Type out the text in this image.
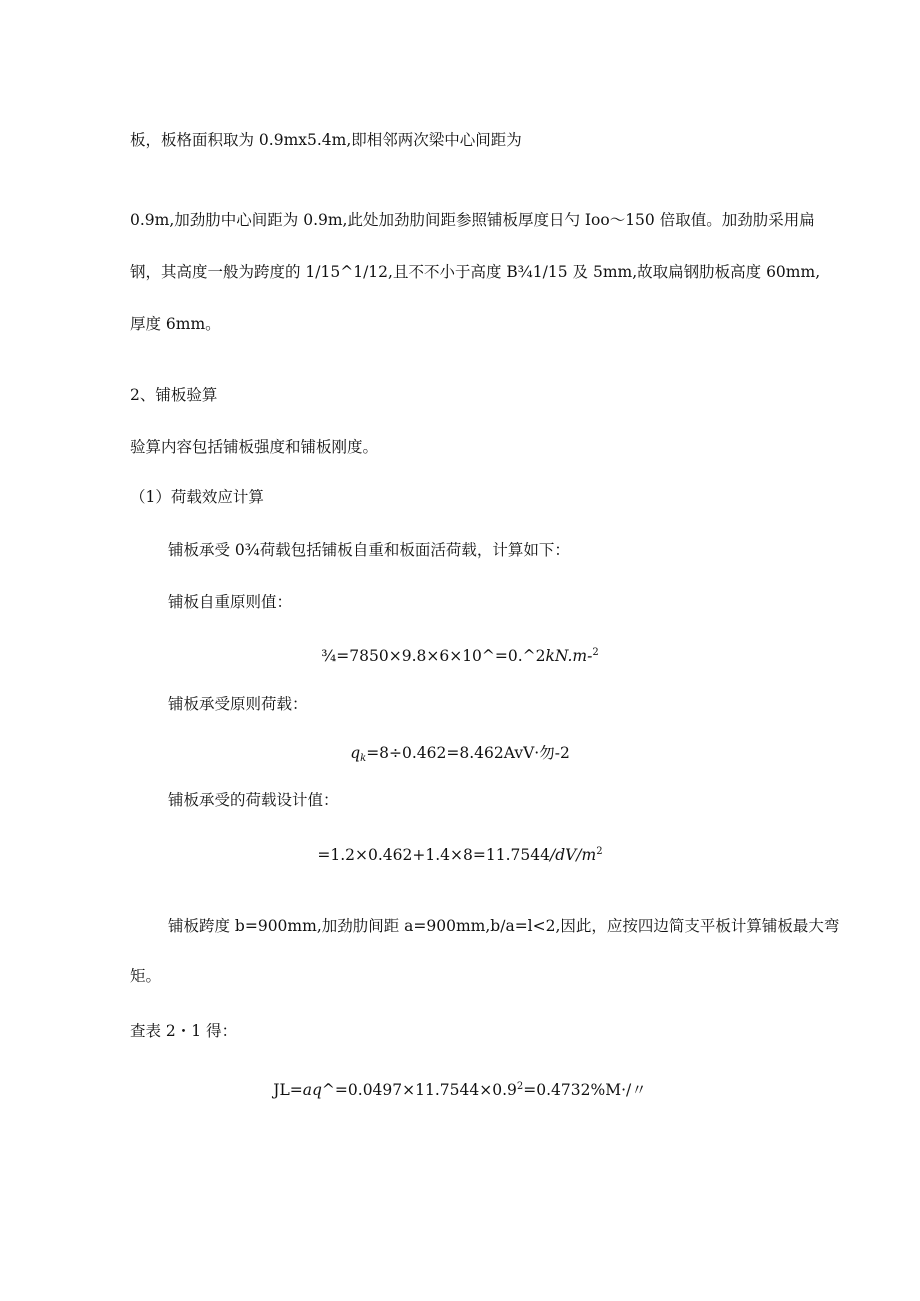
板，板格面积取为 0.9mx5.4m,即相邻两次梁中心间距为
0.9m,加劲肋中心间距为 0.9m,此处加劲肋间距参照铺板厚度日勺 Ioo～150 倍取值。加劲肋采用扁
钢，其高度一般为跨度的 1/15^1/12,且不不小于高度 B¾1/15 及 5mm,故取扁钢肋板高度 60mm,
厚度 6mm。
2、铺板验算
验算内容包括铺板强度和铺板刚度。
（1）荷载效应计算
铺板承受 0¾荷载包括铺板自重和板面活荷载，计算如下：
铺板自重原则值：
¾=7850×9.8×6×10^=0.^2kN.m-$^2$
铺板承受原则荷载：
$q_k=8\div 0.462=8.462AvV\cdot$勿-2
铺板承受的荷载设计值：
$=1.2\times 0.462+1.4\times 8=11.7544/dV/m^2$
铺板跨度 b=900mm,加劲肋间距 a=900mm,b∕a=l<2,因此，应按四边简支平板计算铺板最大弯
矩。
查表 2・1 得：
$JL=aq\^{}=0.0497\times 11.7544\times 0.9^2=0.4732\%M\cdot/$〃
